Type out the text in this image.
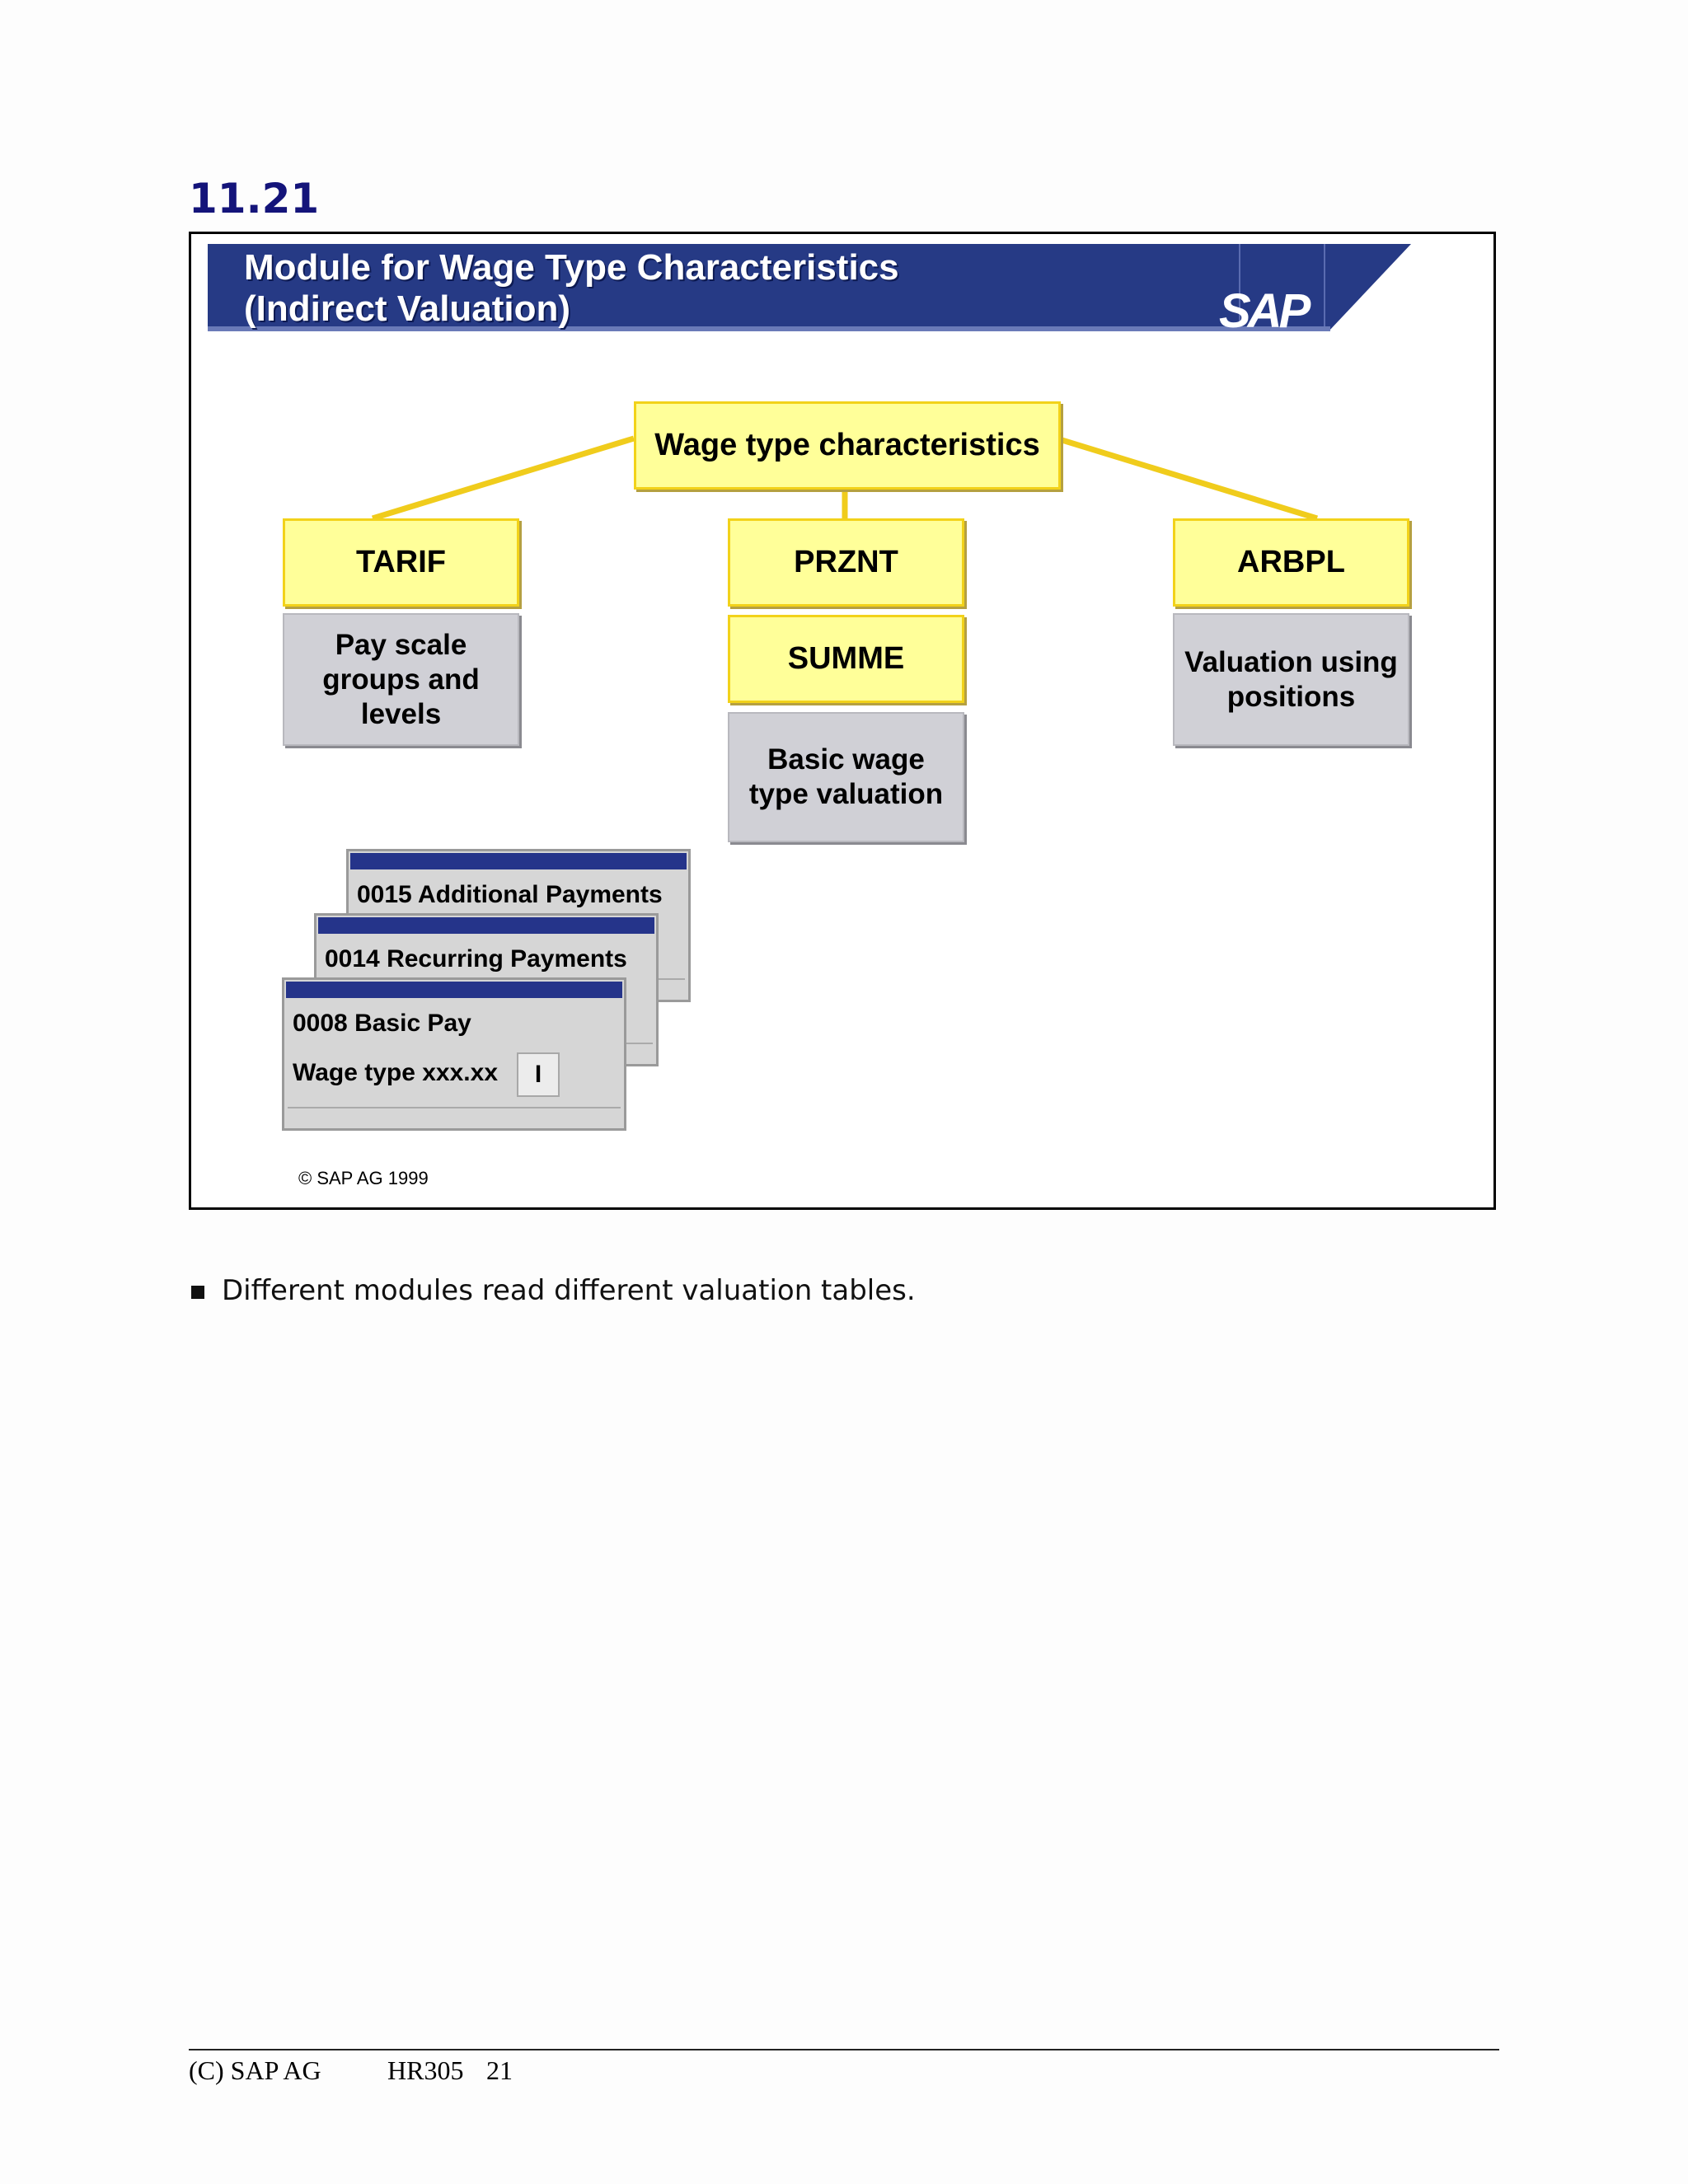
11.21
Module for Wage Type Characteristics
(Indirect Valuation)	SAP
Wage type characteristics
TARIF
Pay scale
groups and
levels
PRZNT
SUMME
Basic wage
type valuation
ARBPL
Valuation using
positions
0015 Additional Payments
0014 Recurring Payments
0008 Basic Pay
Wage type xxx.xx	I
© SAP AG 1999
Different modules read different valuation tables.
(C) SAP AG	HR305 21
